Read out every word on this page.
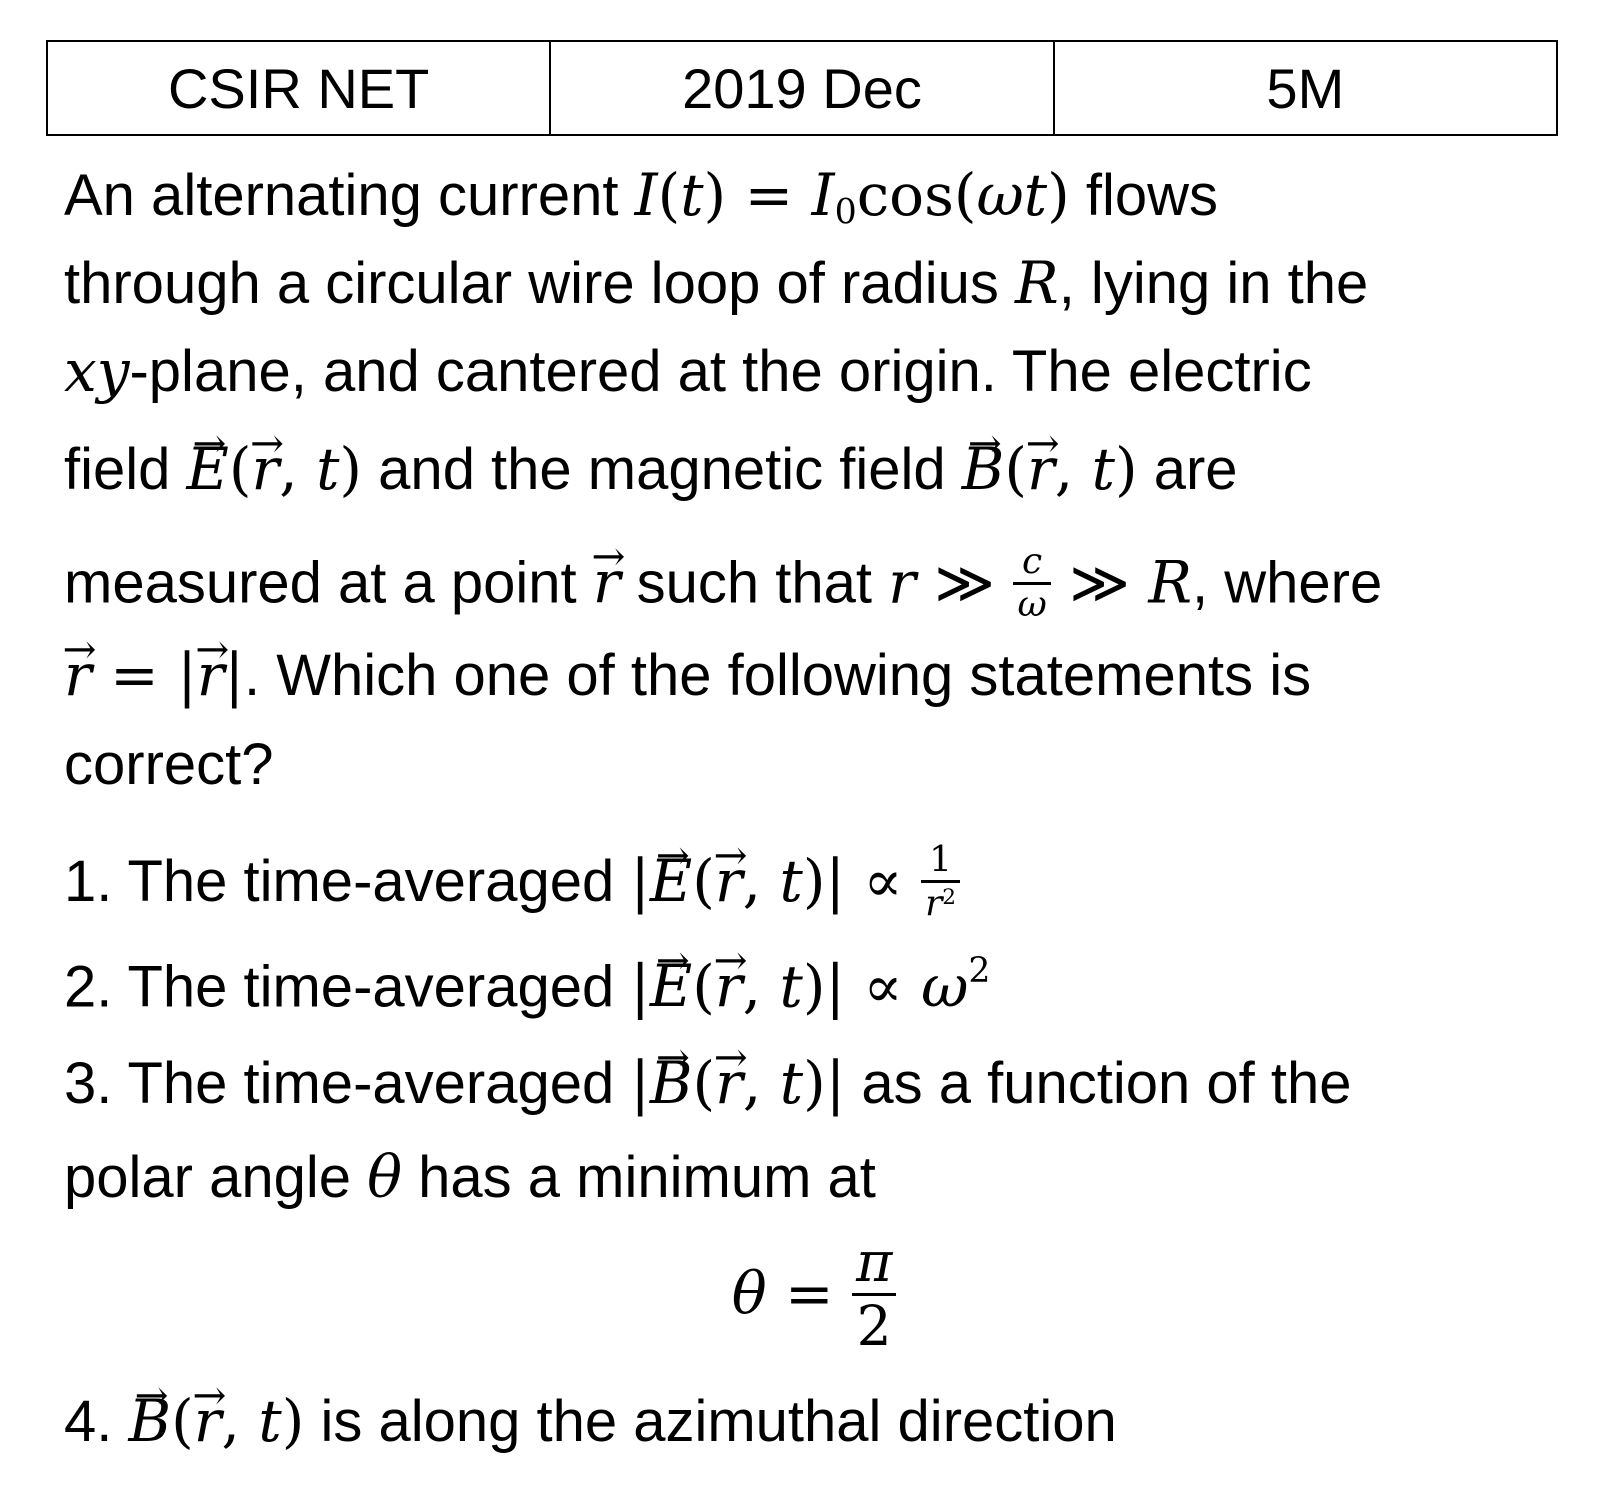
CSIR NET	2019 Dec	5M
An alternating current $I(t) = I_0\cos(\omega t)$ flows
through a circular wire loop of radius R, lying in the
xy-plane, and cantered at the origin. The electric
field → E(→ r, t) and the magnetic field → B(→ r, t) are
measured at a point → r such that r ≫ $\frac{c}{\omega}$ ≫ R, where
→ r = |→ r|. Which one of the following statements is
correct?
1. The time-averaged |→ E(→ r, $t)| \propto \frac{1}{r^2}$
2. The time-averaged |→ E(→ r, $t)| \propto \omega^2$
3. The time-averaged |→ B(→ r, t)| as a function of the
polar angle θ has a minimum at
$\theta = \frac{\pi}{2}$
4. → B(→ r, t) is along the azimuthal direction
